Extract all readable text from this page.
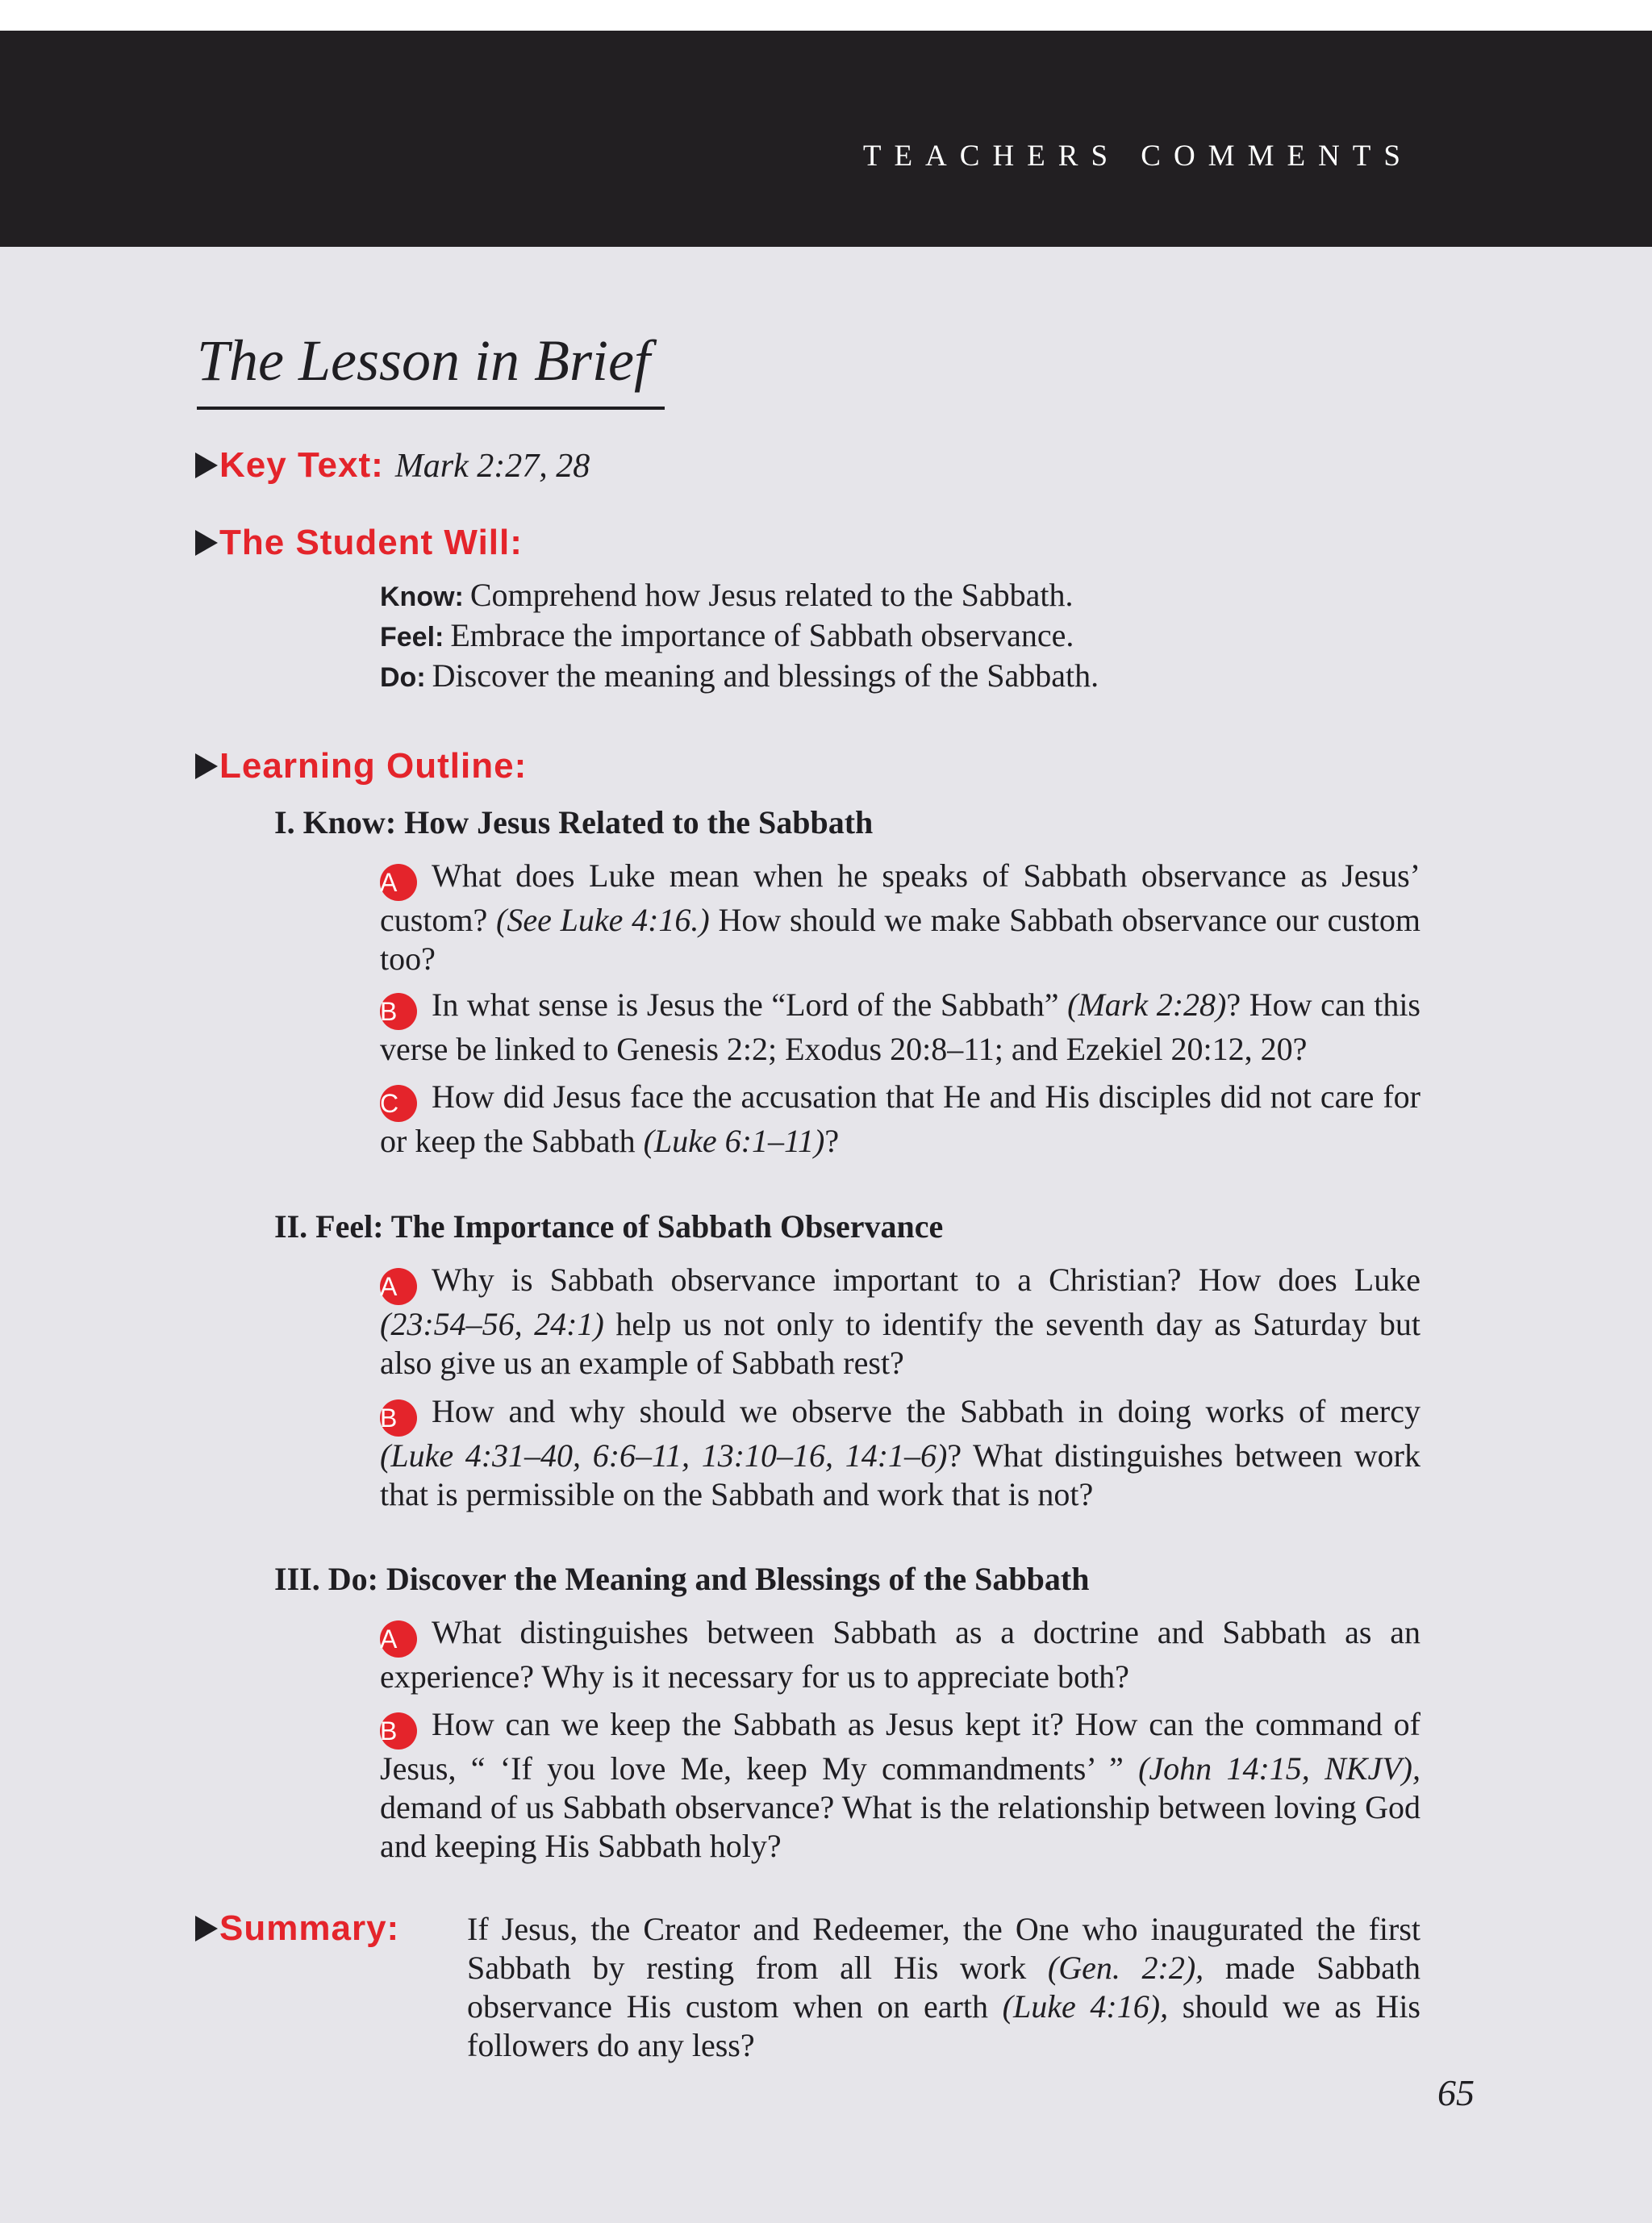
TEACHERS COMMENTS
The Lesson in Brief
Key Text: Mark 2:27, 28
The Student Will:
Know: Comprehend how Jesus related to the Sabbath.
Feel: Embrace the importance of Sabbath observance.
Do: Discover the meaning and blessings of the Sabbath.
Learning Outline:
I. Know: How Jesus Related to the Sabbath
A What does Luke mean when he speaks of Sabbath observance as Jesus’ custom? (See Luke 4:16.) How should we make Sabbath observance our custom too?
B In what sense is Jesus the “Lord of the Sabbath” (Mark 2:28)? How can this verse be linked to Genesis 2:2; Exodus 20:8–11; and Ezekiel 20:12, 20?
C How did Jesus face the accusation that He and His disciples did not care for or keep the Sabbath (Luke 6:1–11)?
II. Feel: The Importance of Sabbath Observance
A Why is Sabbath observance important to a Christian? How does Luke (23:54–56, 24:1) help us not only to identify the seventh day as Saturday but also give us an example of Sabbath rest?
B How and why should we observe the Sabbath in doing works of mercy (Luke 4:31–40, 6:6–11, 13:10–16, 14:1–6)? What distinguishes between work that is permissible on the Sabbath and work that is not?
III. Do: Discover the Meaning and Blessings of the Sabbath
A What distinguishes between Sabbath as a doctrine and Sabbath as an experience? Why is it necessary for us to appreciate both?
B How can we keep the Sabbath as Jesus kept it? How can the command of Jesus, “ ‘If you love Me, keep My commandments’ ” (John 14:15, NKJV), demand of us Sabbath observance? What is the relationship between loving God and keeping His Sabbath holy?
Summary: If Jesus, the Creator and Redeemer, the One who inaugurated the first Sabbath by resting from all His work (Gen. 2:2), made Sabbath observance His custom when on earth (Luke 4:16), should we as His followers do any less?
65
